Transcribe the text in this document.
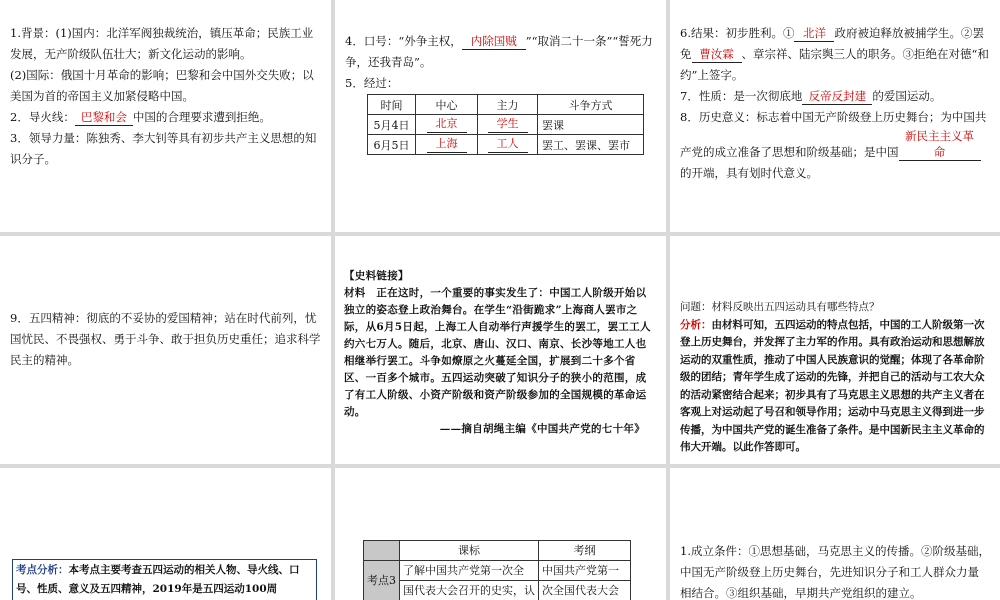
1.背景：(1)国内：北洋军阀独裁统治，镇压革命；民族工业发展，无产阶级队伍壮大；新文化运动的影响。

(2)国际：俄国十月革命的影响；巴黎和会中国外交失败；以美国为首的帝国主义加紧侵略中国。

2．导火线： 巴黎和会 中国的合理要求遭到拒绝。

3．领导力量：陈独秀、李大钊等具有初步共产主义思想的知识分子。

4．口号：“外争主权， 内除国贼 ”“取消二十一条”“誓死力争，还我青岛”。

5．经过：

时间	中心	主力	斗争方式
5月4日	北京	学生	罢课
6月5日	上海	工人	罢工、罢课、罢市

6.结果：初步胜利。① 北洋 政府被迫释放被捕学生。②罢免 曹汝霖 、章宗祥、陆宗舆三人的职务。③拒绝在对德“和约”上签字。

7．性质：是一次彻底地 反帝反封建 的爱国运动。

8．历史意义：标志着中国无产阶级登上历史舞台；为中国共产党的成立准备了思想和阶级基础；是中国新民主主义革命的开端，具有划时代意义。

9．五四精神：彻底的不妥协的爱国精神；站在时代前列，忧国忧民、不畏强权、勇于斗争、敢于担负历史重任；追求科学民主的精神。

【史料链接】

材料　正在这时，一个重要的事实发生了：中国工人阶级开始以独立的姿态登上政治舞台。在学生“沿街跪求”上海商人罢市之际，从6月5日起，上海工人自动举行声援学生的罢工，罢工工人约六七万人。随后，北京、唐山、汉口、南京、长沙等地工人也相继举行罢工。斗争如燎原之火蔓延全国，扩展到二十多个省区、一百多个城市。五四运动突破了知识分子的狭小的范围，成了有工人阶级、小资产阶级和资产阶级参加的全国规模的革命运动。

——摘自胡绳主编《中国共产党的七十年》

问题：材料反映出五四运动具有哪些特点？

分析：由材料可知，五四运动的特点包括，中国的工人阶级第一次登上历史舞台，并发挥了主力军的作用。具有政治运动和思想解放运动的双重性质，推动了中国人民族意识的觉醒；体现了各革命阶级的团结；青年学生成了运动的先锋，并把自己的活动与工农大众的活动紧密结合起来；初步具有了马克思主义思想的共产主义者在客观上对运动起了号召和领导作用；运动中马克思主义得到进一步传播，为中国共产党的诞生准备了条件。是中国新民主主义革命的伟大开端。以此作答即可。

考点分析：本考点主要考查五四运动的相关人物、导火线、口号、性质、意义及五四精神，2019年是五四运动100周
	课标	考纲
考点3	了解中国共产党第一次全	中国共产党第一
	国代表大会召开的史实，认	次全国代表大会

1.成立条件：①思想基础，马克思主义的传播。②阶级基础，中国无产阶级登上历史舞台，先进知识分子和工人群众力量相结合。③组织基础，早期共产党组织的建立。
